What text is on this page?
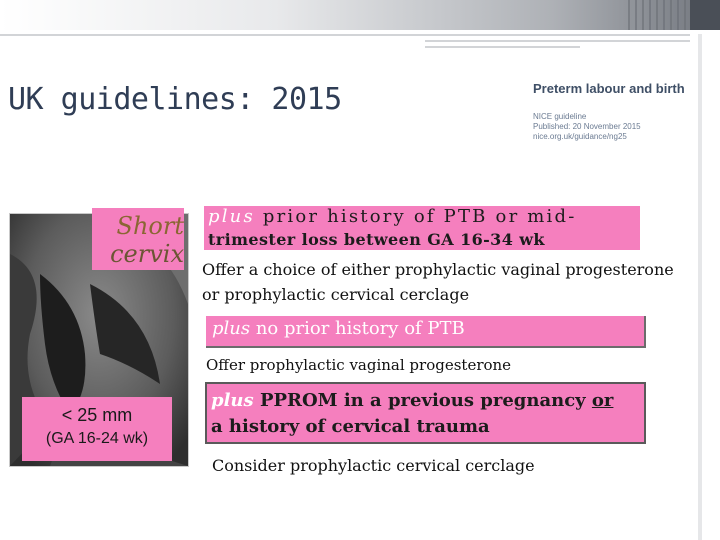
UK guidelines: 2015	Preterm labour and birth
NICE guideline
Published: 20 November 2015
nice.org.uk/guidance/ng25
Short
cervix
< 25 mm
(GA 16-24 wk)
plus prior history of PTB or mid-
trimester loss between GA 16-34 wk
Offer a choice of either prophylactic vaginal progesterone
or prophylactic cervical cerclage
plus no prior history of PTB
Offer prophylactic vaginal progesterone
plus PPROM in a previous pregnancy or
a history of cervical trauma
Consider prophylactic cervical cerclage
